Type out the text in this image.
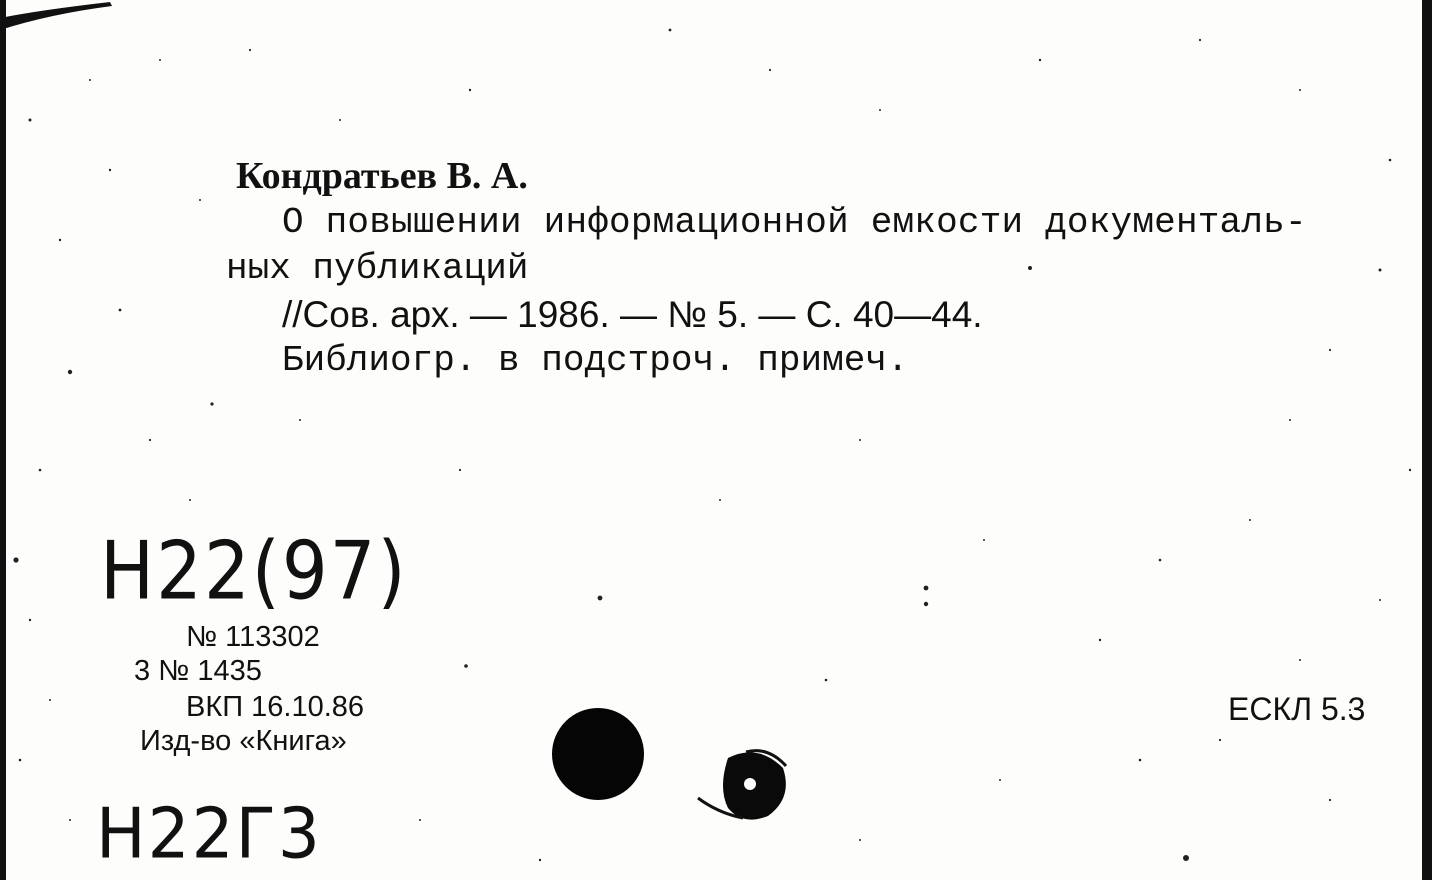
Кондратьев В. А.
О повышении информационной емкости документаль-
ных публикаций
//Сов. арх. — 1986. — № 5. — С. 40—44.
Библиогр. в подстроч. примеч.
Н22(97)
№ 113302
3 № 1435
ВКП 16.10.86
Изд-во «Книга»
Н22Г3
ЕСКЛ 5.3
